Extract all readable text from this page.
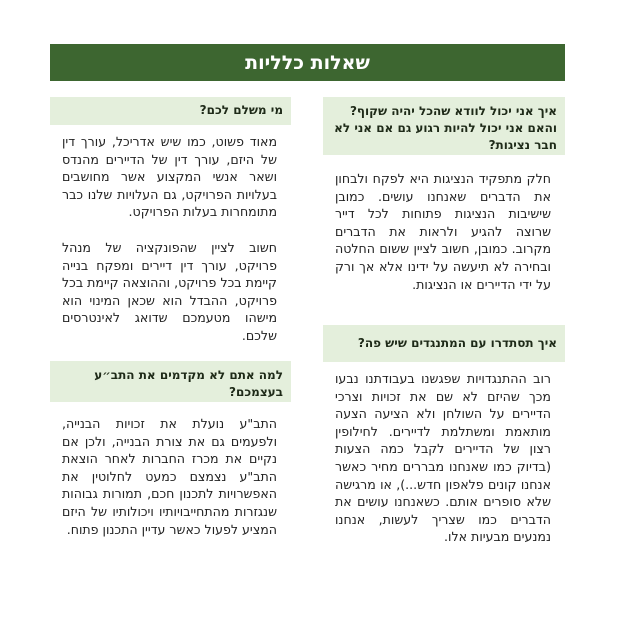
שאלות כלליות
איך אני יכול לוודא שהכל יהיה שקוף? והאם אני יכול להיות רגוע גם אם אני לא חבר נציגות?

חלק מתפקיד הנציגות היא לפקח ולבחון את הדברים שאנחנו עושים. כמובן שישיבות הנציגות פתוחות לכל דייר שרוצה להגיע ולראות את הדברים מקרוב. כמובן, חשוב לציין ששום החלטה ובחירה לא תיעשה על ידינו אלא אך ורק על ידי הדיירים או הנציגות.

איך תסתדרו עם המתנגדים שיש פה?

רוב ההתנגדויות שפגשנו בעבודתנו נבעו מכך שהיזם לא שם את זכויות וצרכי הדיירים על השולחן ולא הציעה הצעה מותאמת ומשתלמת לדיירים. לחילופין רצון של הדיירים לקבל כמה הצעות (בדיוק כמו שאנחנו מבררים מחיר כאשר אנחנו קונים פלאפון חדש...), או מרגישה שלא סופרים אותם. כשאנחנו עושים את הדברים כמו שצריך לעשות, אנחנו נמנעים מבעיות אלו.

מי משלם לכם?

מאוד פשוט, כמו שיש אדריכל, עורך דין של היזם, עורך דין של הדיירים מהנדס ושאר אנשי המקצוע אשר מחושבים בעלויות הפרויקט, גם העלויות שלנו כבר מתומחרות בעלות הפרויקט.

חשוב לציין שהפונקציה של מנהל פרויקט, עורך דין דיירים ומפקח בנייה קיימת בכל פרויקט, וההוצאה קיימת בכל פרויקט, ההבדל הוא שכאן המינוי הוא מישהו מטעמכם שדואג לאינטרסים שלכם.

למה אתם לא מקדמים את התב״ע בעצמכם?

התב"ע נועלת את זכויות הבנייה, ולפעמים גם את צורת הבנייה, ולכן אם נקיים את מכרז החברות לאחר הוצאת התב"ע נצמצם כמעט לחלוטין את האפשרויות לתכנון חכם, תמורות גבוהות שנגזרות מהתחייבויותיו ויכולותיו של היזם המציע לפעול כאשר עדיין התכנון פתוח.
